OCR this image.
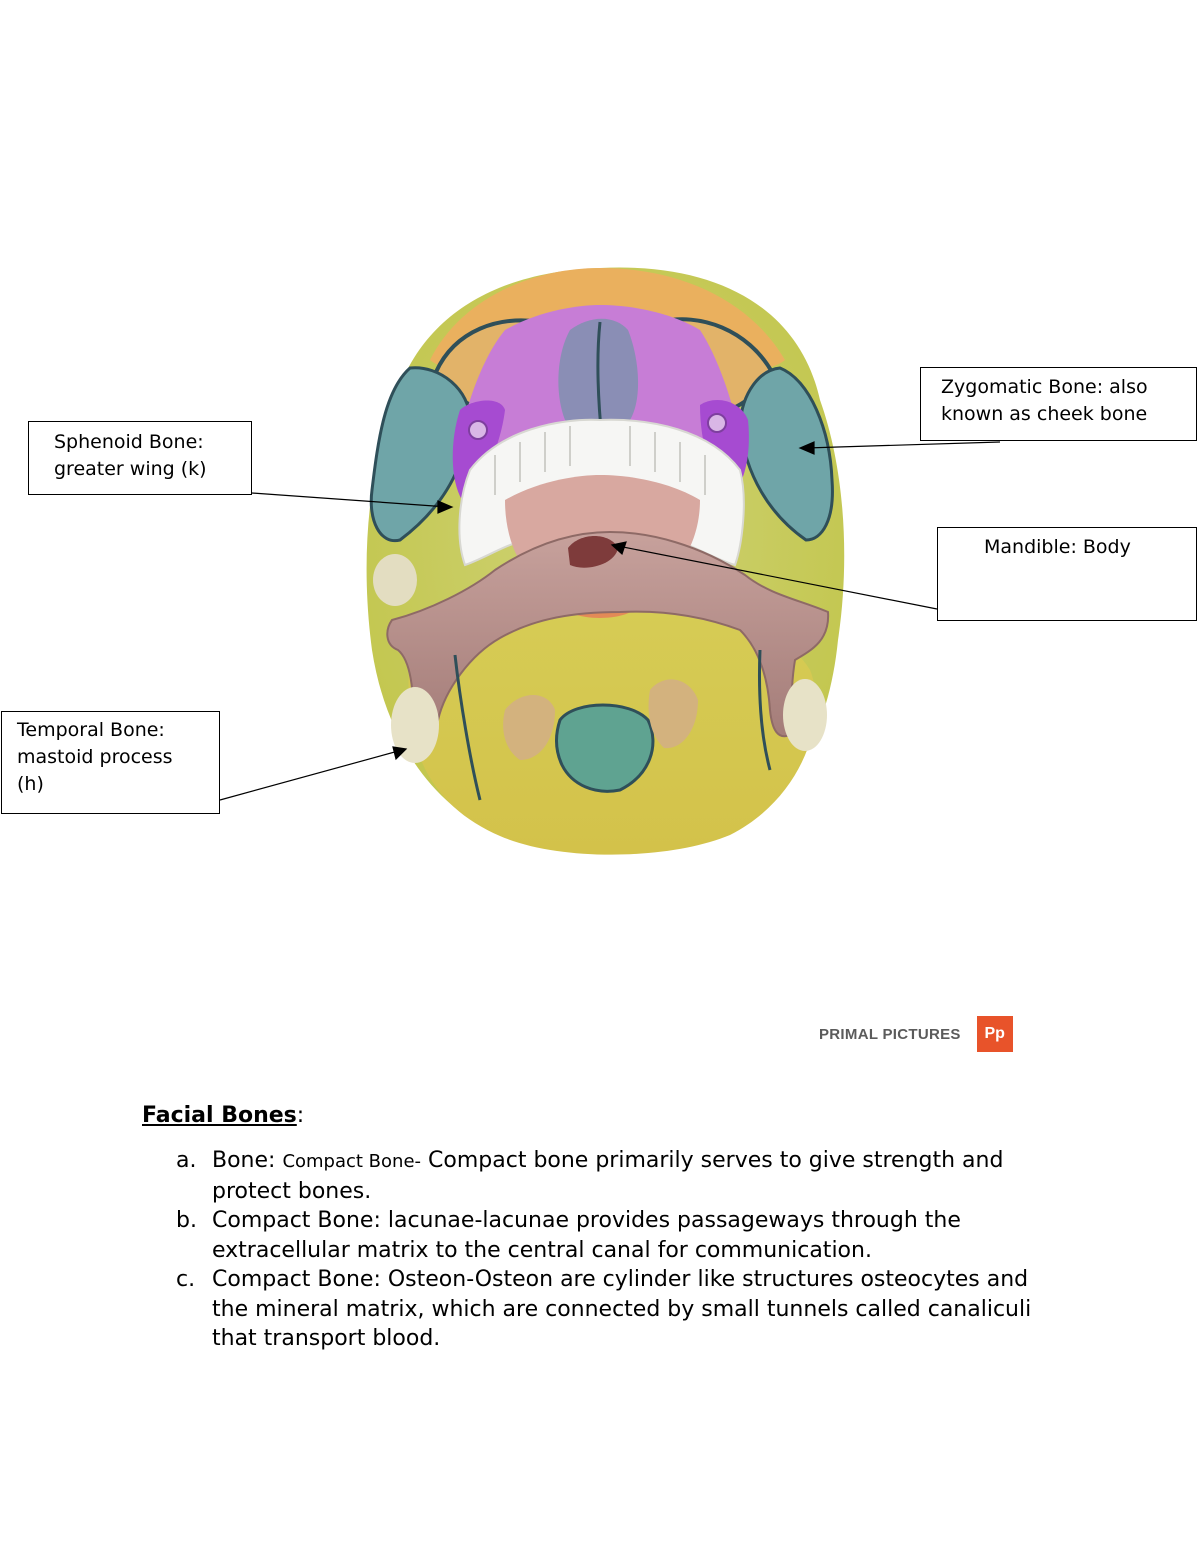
Sphenoid Bone:
greater wing (k)
Zygomatic Bone: also
known as cheek bone
Mandible: Body
Temporal Bone:
mastoid process
(h)
PRIMAL PICTURES	Pp
Facial Bones:
a. Bone: Compact Bone- Compact bone primarily serves to give strength and protect bones.
b. Compact Bone: lacunae-lacunae provides passageways through the extracellular matrix to the central canal for communication.
c. Compact Bone: Osteon-Osteon are cylinder like structures osteocytes and the mineral matrix, which are connected by small tunnels called canaliculi that transport blood.
